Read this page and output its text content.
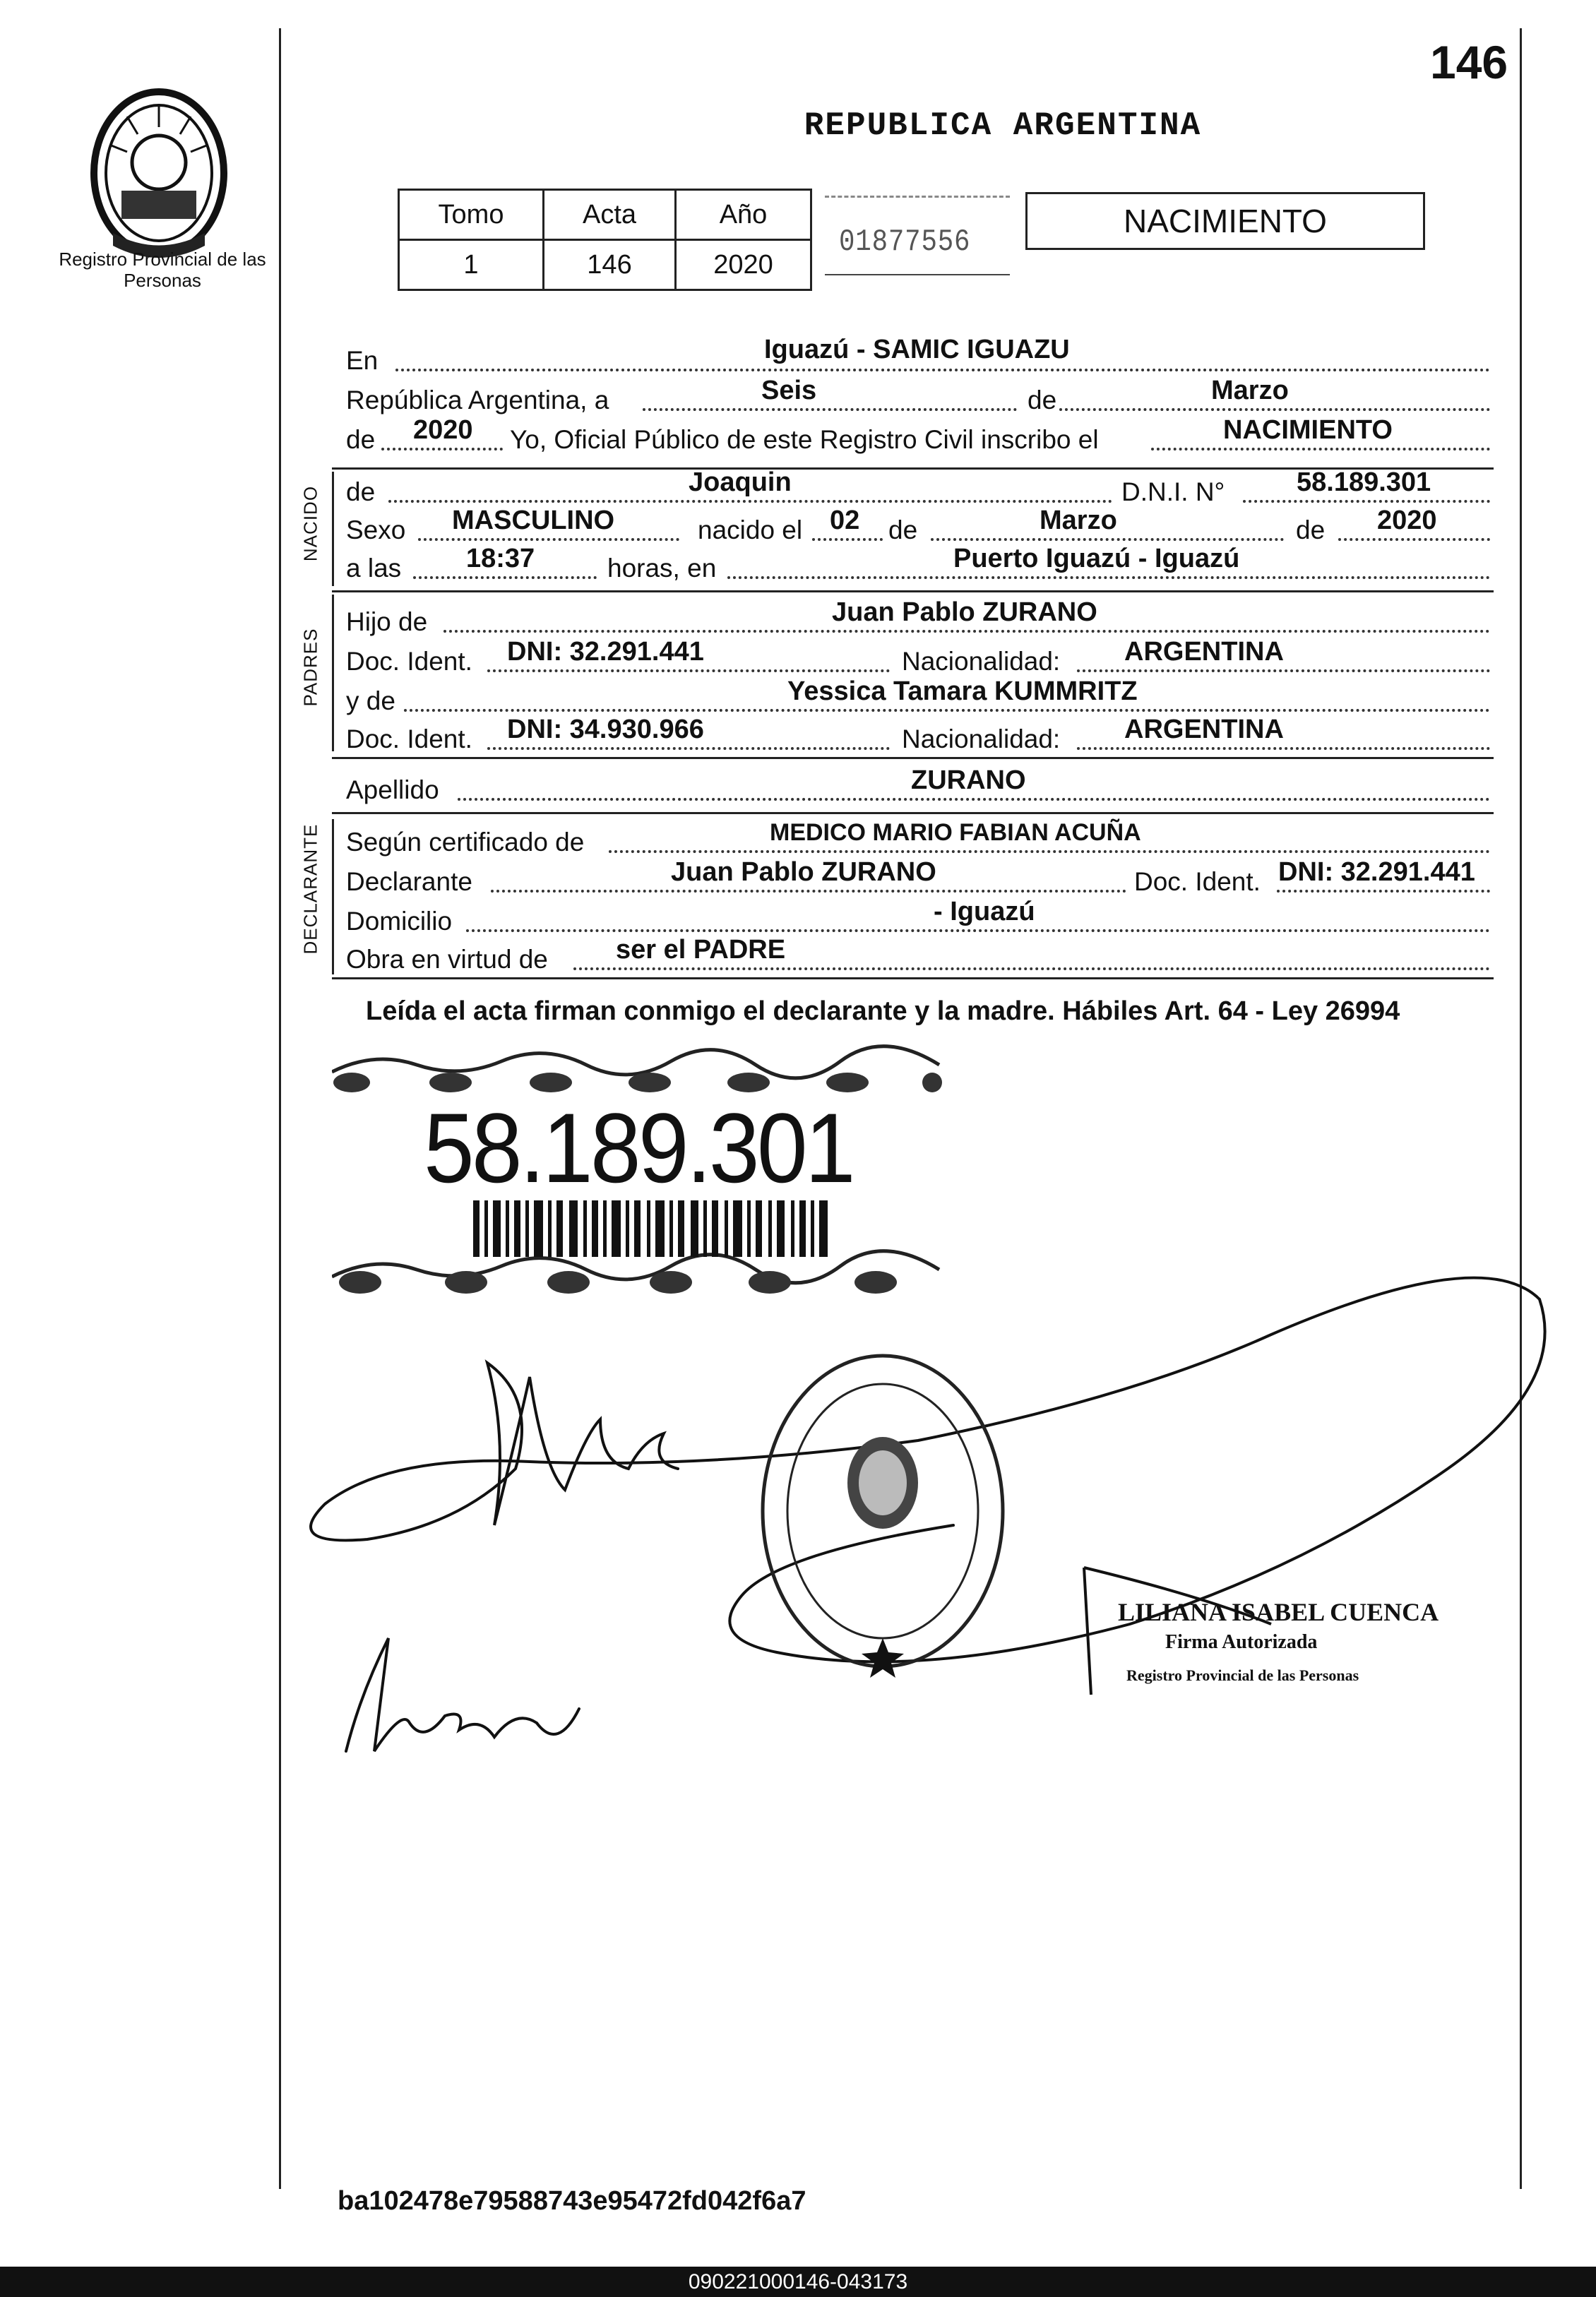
Registro Provincial de las Personas
146
REPUBLICA ARGENTINA
Tomo	Acta	Año
1	146	2020
01877556
NACIMIENTO
En	Iguazú - SAMIC IGUAZU
República Argentina, a	Seis	de	Marzo
de 2020 Yo, Oficial Público de este Registro Civil inscribo el	NACIMIENTO
NACIDO de	Joaquin	D.N.I. N°	58.189.301
Sexo MASCULINO	nacido el 02 de	Marzo	de 2020
a las 18:37	horas, en	Puerto Iguazú - Iguazú
PADRES
Hijo de	Juan Pablo ZURANO
Doc. Ident. DNI: 32.291.441	Nacionalidad: ARGENTINA
y de	Yessica Tamara KUMMRITZ
Doc. Ident. DNI: 34.930.966	Nacionalidad: ARGENTINA
Apellido	ZURANO
DECLARANTE Según certificado de	MEDICO MARIO FABIAN ACUÑA
Declarante	Juan Pablo ZURANO	Doc. Ident. DNI: 32.291.441
Domicilio	- Iguazú
Obra en virtud de	ser el PADRE
Leída el acta firman conmigo el declarante y la madre. Hábiles Art. 64 - Ley 26994
58.189.301
LILIANA ISABEL CUENCA
Firma Autorizada
Registro Provincial de las Personas
ba102478e79588743e95472fd042f6a7
090221000146-043173
